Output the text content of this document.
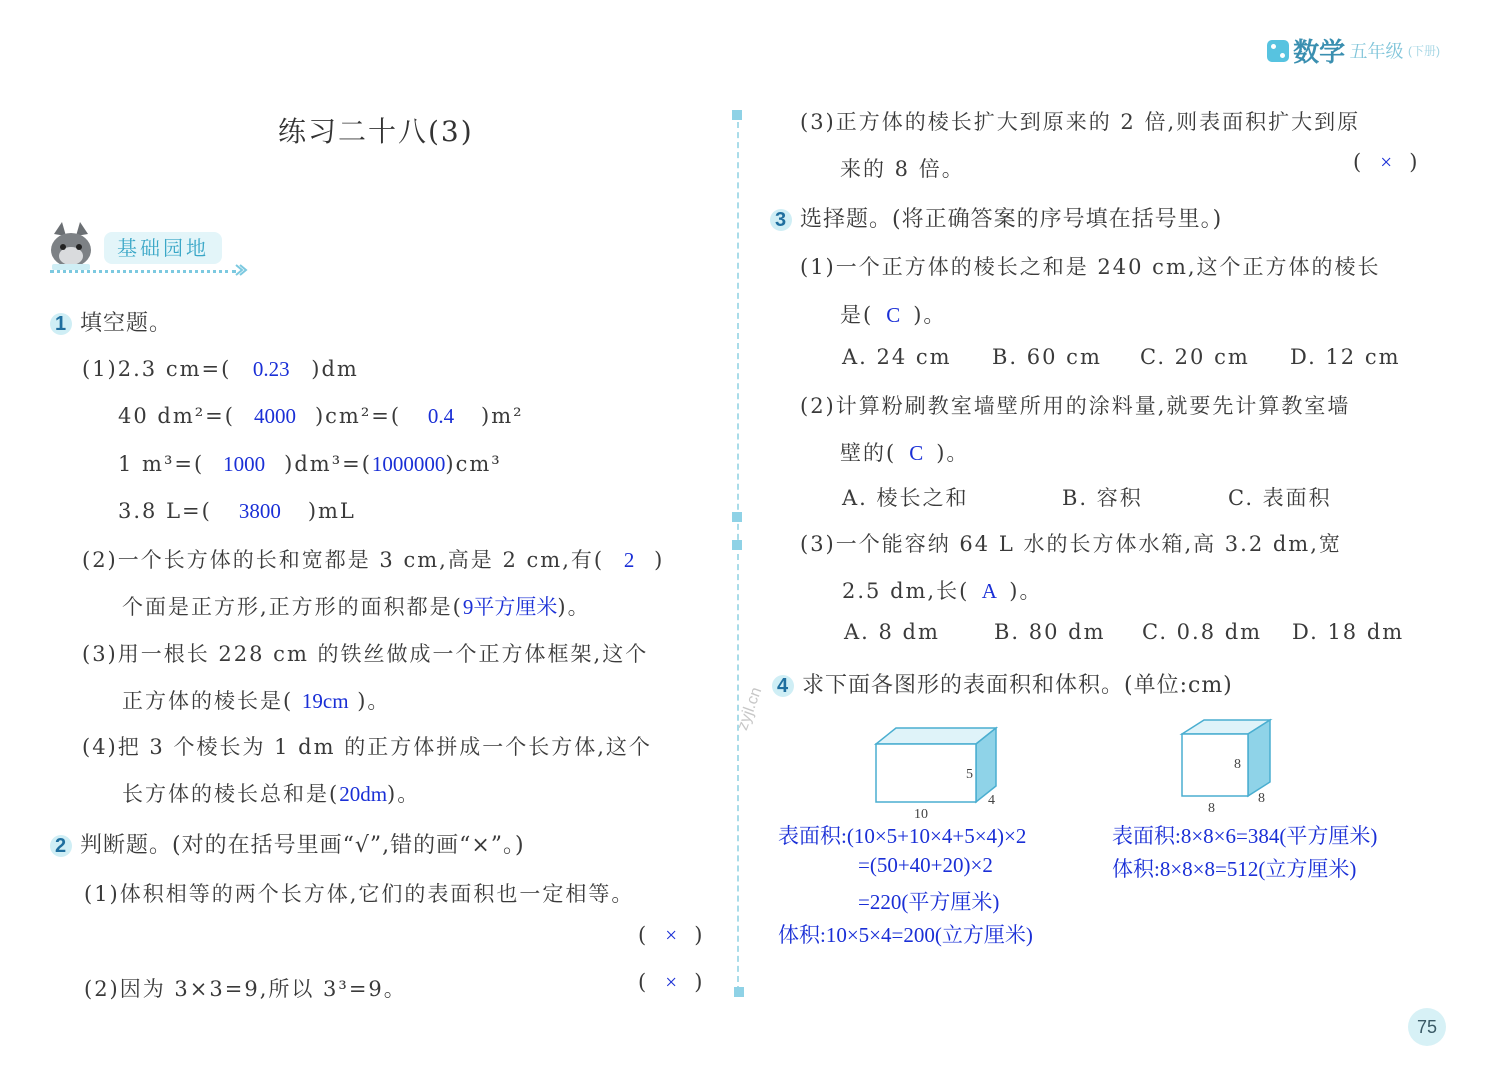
数学 五年级 (下册)
练习二十八(3)
基础园地
1 填空题。
(1)2.3 cm=( 0.23 )dm
40 dm²=( 4000 )cm²=( 0.4 )m²
1 m³=( 1000 )dm³=(1000000)cm³
3.8 L=( 3800 )mL
(2)一个长方体的长和宽都是 3 cm,高是 2 cm,有( 2 )
个面是正方形,正方形的面积都是(9平方厘米)。
(3)用一根长 228 cm 的铁丝做成一个正方体框架,这个
正方体的棱长是( 19cm )。
(4)把 3 个棱长为 1 dm 的正方体拼成一个长方体,这个
长方体的棱长总和是(20dm)。
2 判断题。(对的在括号里画“√”,错的画“×”。)
(1)体积相等的两个长方体,它们的表面积也一定相等。
( × )
(2)因为 3×3=9,所以 3³=9。	( × )
zyjl.cn
(3)正方体的棱长扩大到原来的 2 倍,则表面积扩大到原
来的 8 倍。	( × )
3 选择题。(将正确答案的序号填在括号里。)
(1)一个正方体的棱长之和是 240 cm,这个正方体的棱长
是( C )。
A. 24 cm B. 60 cm C. 20 cm D. 12 cm
(2)计算粉刷教室墙壁所用的涂料量,就要先计算教室墙
壁的( C )。
A. 棱长之和	B. 容积	C. 表面积
(3)一个能容纳 64 L 水的长方体水箱,高 3.2 dm,宽
2.5 dm,长( A )。
A. 8 dm	B. 80 dm C. 0.8 dm D. 18 dm
4 求下面各图形的表面积和体积。(单位:cm)
5
10
4
8
8
8
表面积:(10×5+10×4+5×4)×2
=(50+40+20)×2
=220(平方厘米)
体积:10×5×4=200(立方厘米)
表面积:8×8×6=384(平方厘米)
体积:8×8×8=512(立方厘米)
75
